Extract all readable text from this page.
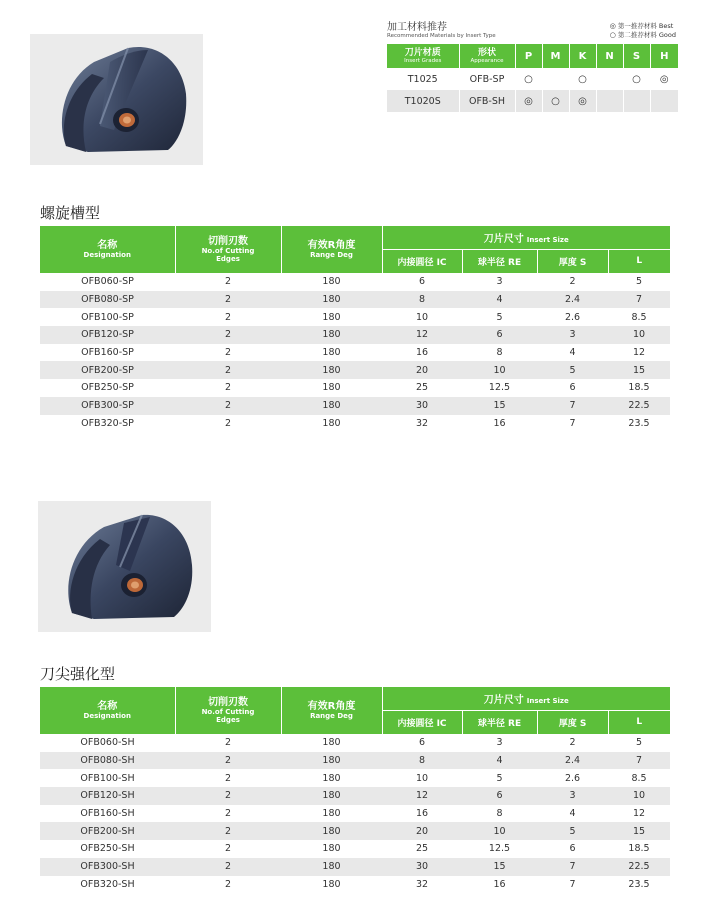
加工材料推荐
Recommended Materials by Insert Type
◎ 第一推荐材料 Best
○ 第二推荐材料 Good
刀片材质
Insert Grades	形状
Appearance	P	M	K	N	S	H
T1025	OFB-SP	○		○		○	◎
T1020S	OFB-SH	◎	○	◎			
螺旋槽型
名称
Designation	切削刃数
No.of Cutting
Edges	有效R角度
Range Deg	刀片尺寸 Insert Size			
			内接圆径 IC	球半径 RE	厚度 S	L
OFB060-SP	2	180	6	3	2	5
OFB080-SP	2	180	8	4	2.4	7
OFB100-SP	2	180	10	5	2.6	8.5
OFB120-SP	2	180	12	6	3	10
OFB160-SP	2	180	16	8	4	12
OFB200-SP	2	180	20	10	5	15
OFB250-SP	2	180	25	12.5	6	18.5
OFB300-SP	2	180	30	15	7	22.5
OFB320-SP	2	180	32	16	7	23.5
刀尖强化型
名称
Designation	切削刃数
No.of Cutting
Edges	有效R角度
Range Deg	刀片尺寸 Insert Size			
			内接圆径 IC	球半径 RE	厚度 S	L
OFB060-SH	2	180	6	3	2	5
OFB080-SH	2	180	8	4	2.4	7
OFB100-SH	2	180	10	5	2.6	8.5
OFB120-SH	2	180	12	6	3	10
OFB160-SH	2	180	16	8	4	12
OFB200-SH	2	180	20	10	5	15
OFB250-SH	2	180	25	12.5	6	18.5
OFB300-SH	2	180	30	15	7	22.5
OFB320-SH	2	180	32	16	7	23.5
